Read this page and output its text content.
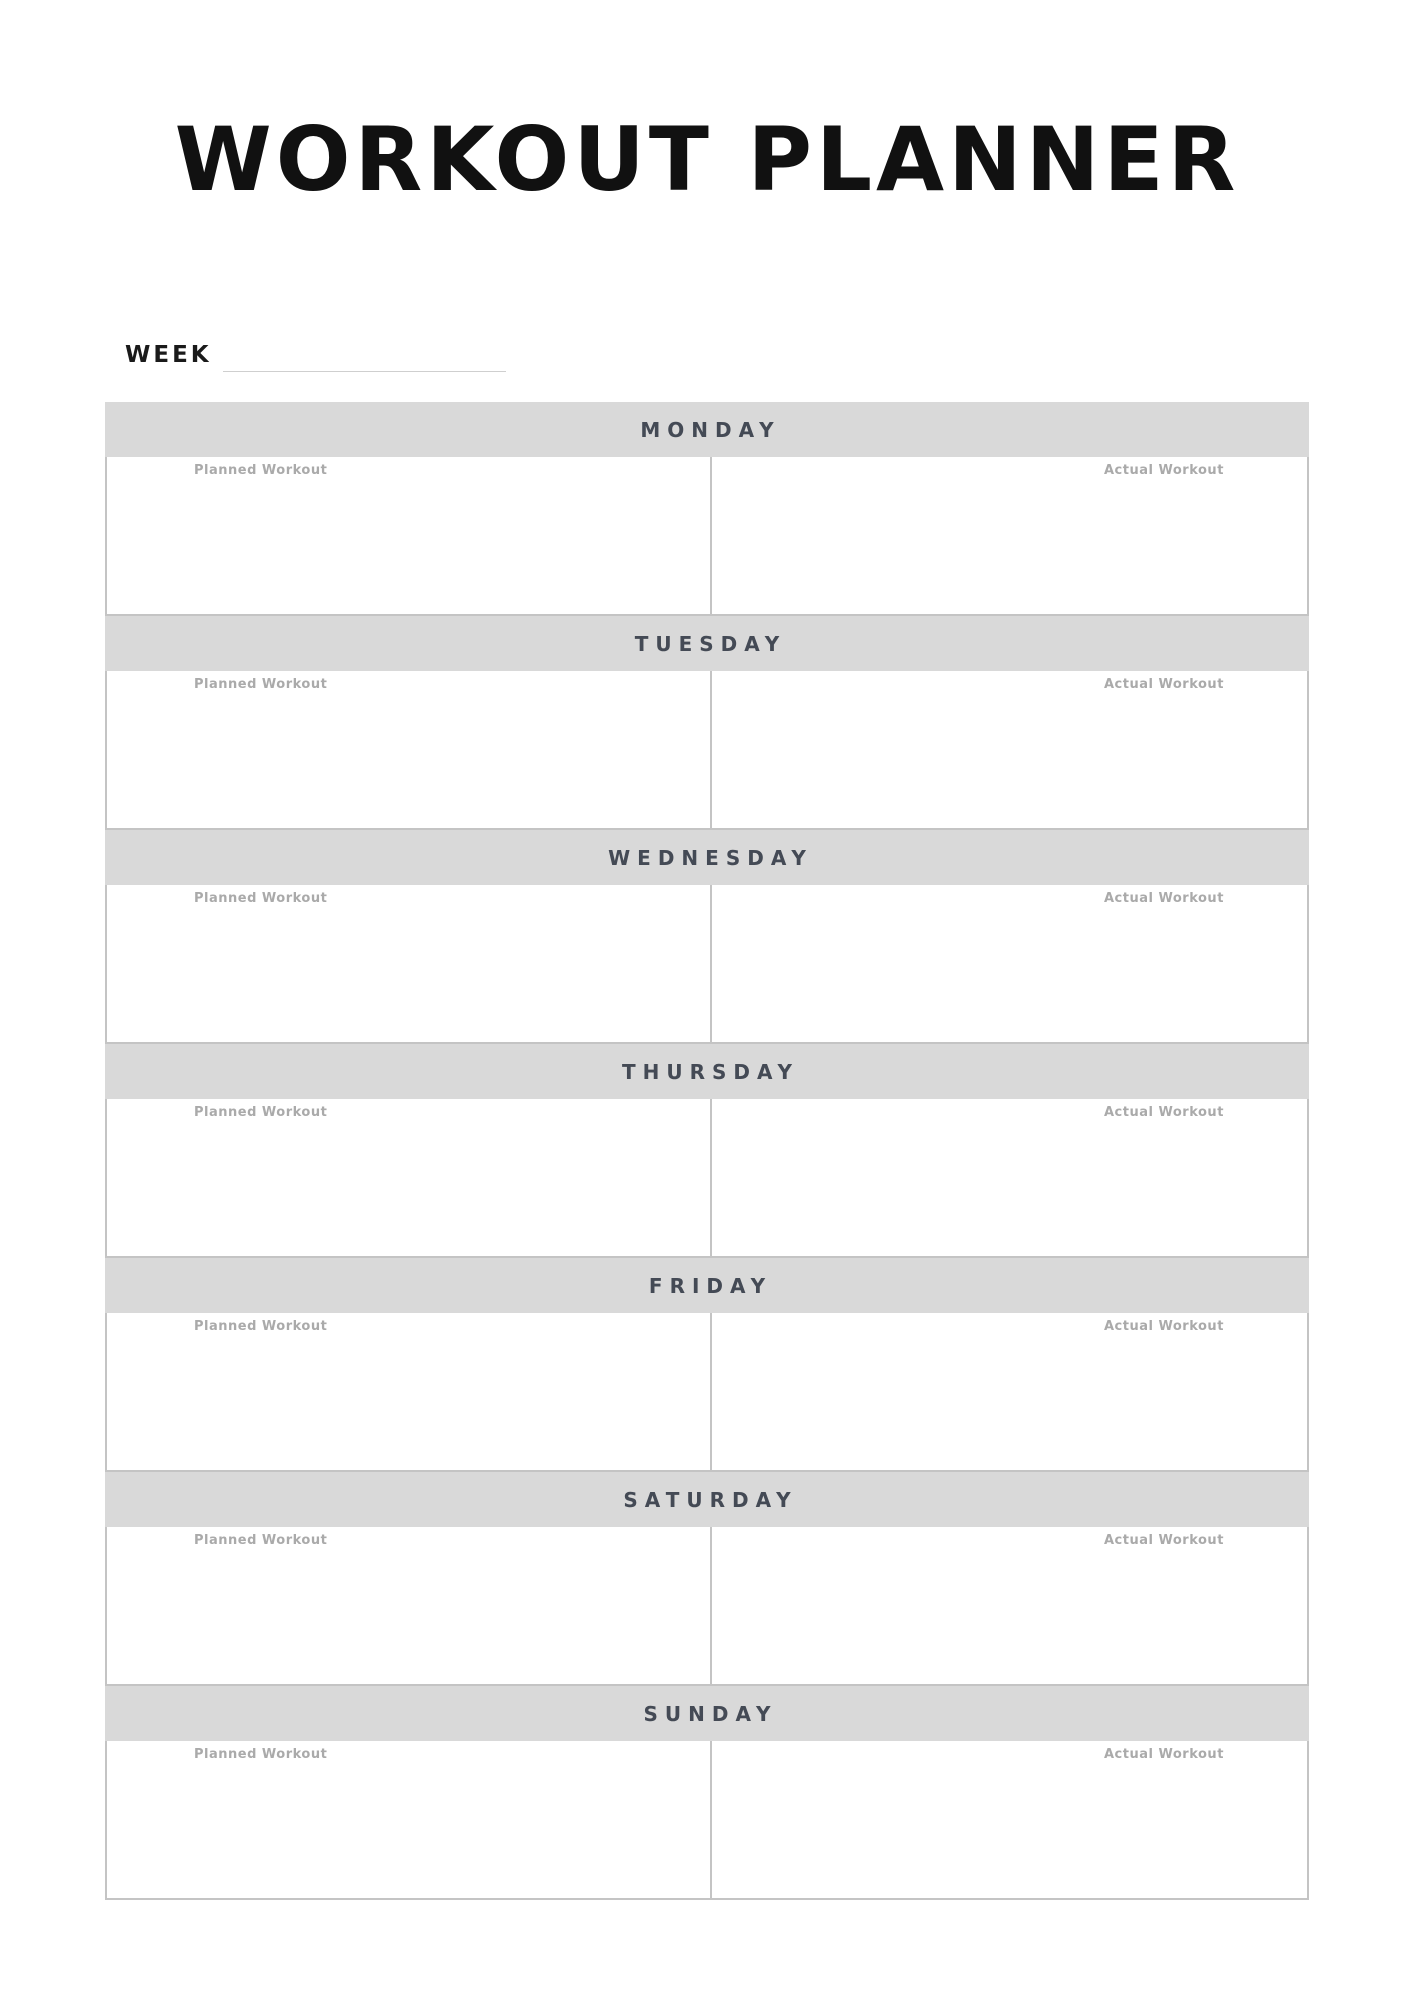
WORKOUT PLANNER
WEEK
MONDAY
Planned Workout	Actual Workout
TUESDAY
Planned Workout	Actual Workout
WEDNESDAY
Planned Workout	Actual Workout
THURSDAY
Planned Workout	Actual Workout
FRIDAY
Planned Workout	Actual Workout
SATURDAY
Planned Workout	Actual Workout
SUNDAY
Planned Workout	Actual Workout
